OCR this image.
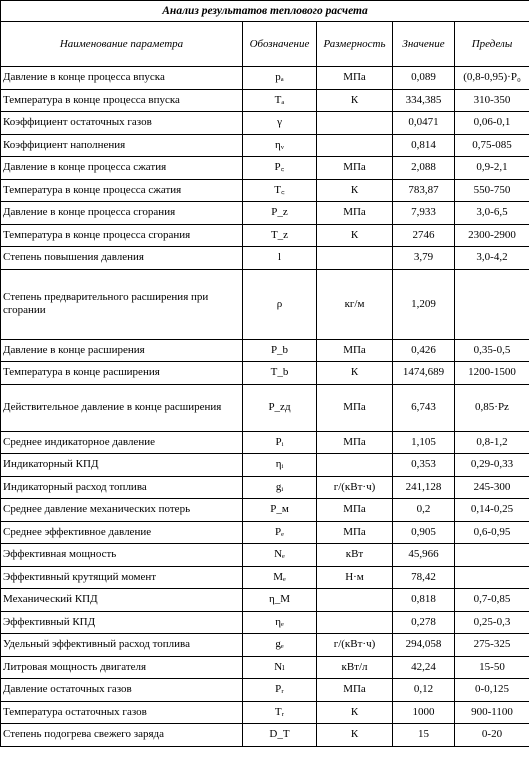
Анализ результатов теплового расчета				
Наименование параметра	Обозначение	Размерность	Значение	Пределы
Давление в конце процесса впуска	pₐ	МПа	0,089	(0,8-0,95)·P₀
Температура в конце процесса впуска	Tₐ	К	334,385	310-350
Коэффициент остаточных газов	γ		0,0471	0,06-0,1
Коэффициент наполнения	ηᵥ		0,814	0,75-085
Давление в конце процесса сжатия	P꜀	МПа	2,088	0,9-2,1
Температура в конце процесса сжатия	T꜀	К	783,87	550-750
Давление в конце процесса сгорания	P_z	МПа	7,933	3,0-6,5
Температура в конце процесса сгорания	T_z	К	2746	2300-2900
Степень повышения давления	l		3,79	3,0-4,2
Степень предварительного расширения при сгорании	ρ	кг/м	1,209	
Давление в конце расширения	P_b	МПа	0,426	0,35-0,5
Температура в конце расширения	T_b	К	1474,689	1200-1500
Действительное давление в конце расширения	P_zд	МПа	6,743	0,85·Pz
Среднее индикаторное давление	Pᵢ	МПа	1,105	0,8-1,2
Индикаторный КПД	ηᵢ		0,353	0,29-0,33
Индикаторный расход топлива	gᵢ	г/(кВт·ч)	241,128	245-300
Среднее давление механических потерь	P_м	МПа	0,2	0,14-0,25
Среднее эффективное давление	Pₑ	МПа	0,905	0,6-0,95
Эффективная мощность	Nₑ	кВт	45,966	
Эффективный крутящий момент	Mₑ	Н·м	78,42	
Механический КПД	η_M		0,818	0,7-0,85
Эффективный КПД	ηₑ		0,278	0,25-0,3
Удельный эффективный расход топлива	gₑ	г/(кВт·ч)	294,058	275-325
Литровая мощность двигателя	Nₗ	кВт/л	42,24	15-50
Давление остаточных газов	Pᵣ	МПа	0,12	0-0,125
Температура остаточных газов	Tᵣ	К	1000	900-1100
Степень подогрева свежего заряда	D_T	К	15	0-20
